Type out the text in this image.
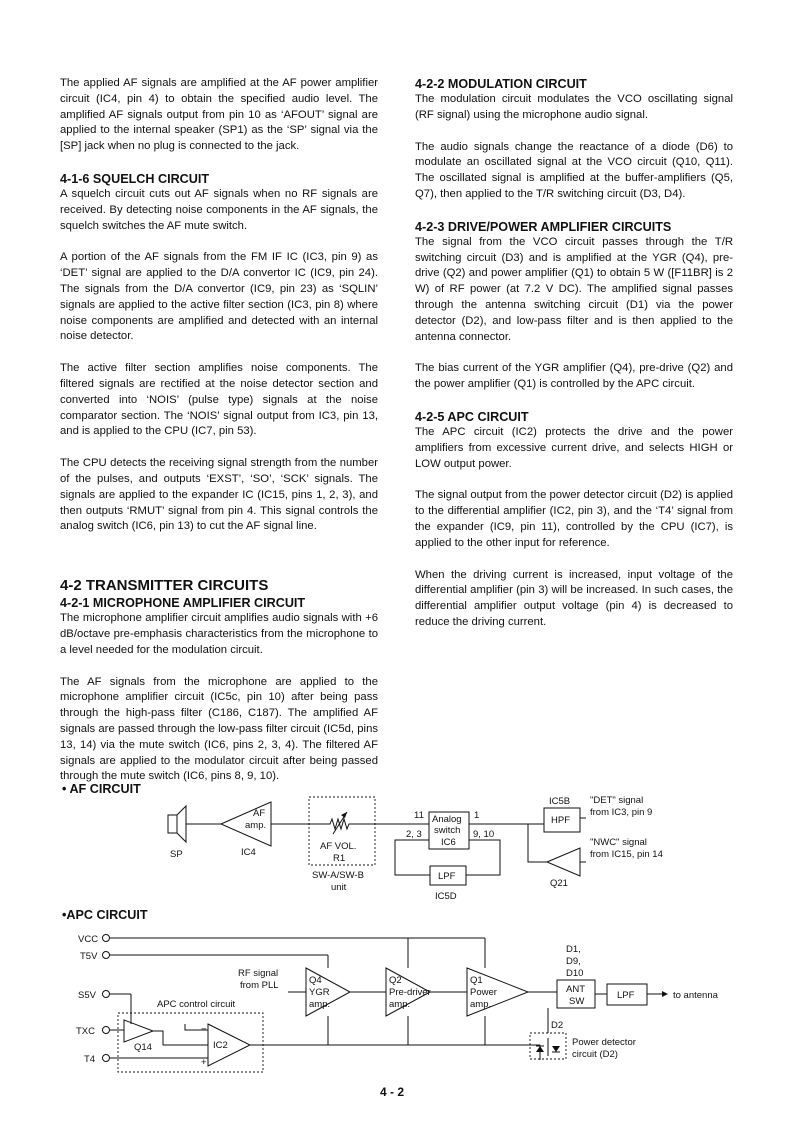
The applied AF signals are amplified at the AF power amplifier circuit (IC4, pin 4) to obtain the specified audio level. The amplified AF signals output from pin 10 as ‘AFOUT’ signal are applied to the internal speaker (SP1) as the ‘SP’ signal via the [SP] jack when no plug is connected to the jack.

4-1-6 SQUELCH CIRCUIT

A squelch circuit cuts out AF signals when no RF signals are received. By detecting noise components in the AF signals, the squelch switches the AF mute switch.

A portion of the AF signals from the FM IF IC (IC3, pin 9) as ‘DET’ signal are applied to the D/A convertor IC (IC9, pin 24). The signals from the D/A convertor (IC9, pin 23) as ‘SQLIN’ signals are applied to the active filter section (IC3, pin 8) where noise components are amplified and detected with an internal noise detector.

The active filter section amplifies noise components. The filtered signals are rectified at the noise detector section and converted into ‘NOIS’ (pulse type) signals at the noise comparator section. The ‘NOIS’ signal output from IC3, pin 13, and is applied to the CPU (IC7, pin 53).

The CPU detects the receiving signal strength from the number of the pulses, and outputs ‘EXST’, ‘SO’, ‘SCK’ signals. The signals are applied to the expander IC (IC15, pins 1, 2, 3), and then outputs ‘RMUT’ signal from pin 4. This signal controls the analog switch (IC6, pin 13) to cut the AF signal line.

4-2 TRANSMITTER CIRCUITS
4-2-1 MICROPHONE AMPLIFIER CIRCUIT

The microphone amplifier circuit amplifies audio signals with +6 dB/octave pre-emphasis characteristics from the microphone to a level needed for the modulation circuit.

The AF signals from the microphone are applied to the microphone amplifier circuit (IC5c, pin 10) after being pass through the high-pass filter (C186, C187). The amplified AF signals are passed through the low-pass filter circuit (IC5d, pins 13, 14) via the mute switch (IC6, pins 2, 3, 4). The filtered AF signals are applied to the modulator circuit after being passed through the mute switch (IC6, pins 8, 9, 10).

4-2-2 MODULATION CIRCUIT

The modulation circuit modulates the VCO oscillating signal (RF signal) using the microphone audio signal.

The audio signals change the reactance of a diode (D6) to modulate an oscillated signal at the VCO circuit (Q10, Q11). The oscillated signal is amplified at the buffer-amplifiers (Q5, Q7), then applied to the T/R switching circuit (D3, D4).

4-2-3 DRIVE/POWER AMPLIFIER CIRCUITS

The signal from the VCO circuit passes through the T/R switching circuit (D3) and is amplified at the YGR (Q4), pre-drive (Q2) and power amplifier (Q1) to obtain 5 W ([F11BR] is 2 W) of RF power (at 7.2 V DC). The amplified signal passes through the antenna switching circuit (D1) via the power detector (D2), and low-pass filter and is then applied to the antenna connector.

The bias current of the YGR amplifier (Q4), pre-drive (Q2) and the power amplifier (Q1) is controlled by the APC circuit.

4-2-5 APC CIRCUIT

The APC circuit (IC2) protects the drive and the power amplifiers from excessive current drive, and selects HIGH or LOW output power.

The signal output from the power detector circuit (D2) is applied to the differential amplifier (IC2, pin 3), and the ‘T4’ signal from the expander (IC9, pin 11), controlled by the CPU (IC7), is applied to the other input for reference.

When the driving current is increased, input voltage of the differential amplifier (pin 3) will be increased. In such cases, the differential amplifier output voltage (pin 4) is decreased to reduce the driving current.

• AF CIRCUIT
•APC CIRCUIT
SP
AF
amp.
IC4
AF VOL.
R1
SW-A/SW-B
unit
Analog
switch
IC6
11	1
2, 3	9, 10
LPF
IC5D
HPF
IC5B "DET" signal
from IC3, pin 9
"NWC" signal
from IC15, pin 14
Q21
VCC
T5V
S5V
APC control circuit
TXC
Q14
T4
IC2
−
+
RF signal
from PLL	Q4
YGR
amp.
Q2
Pre-driver
amp.
Q1
Power
amp.
D1,
D9,
D10
ANT
SW
LPF	to antenna
D2
Power detector
circuit (D2)
4 - 2
